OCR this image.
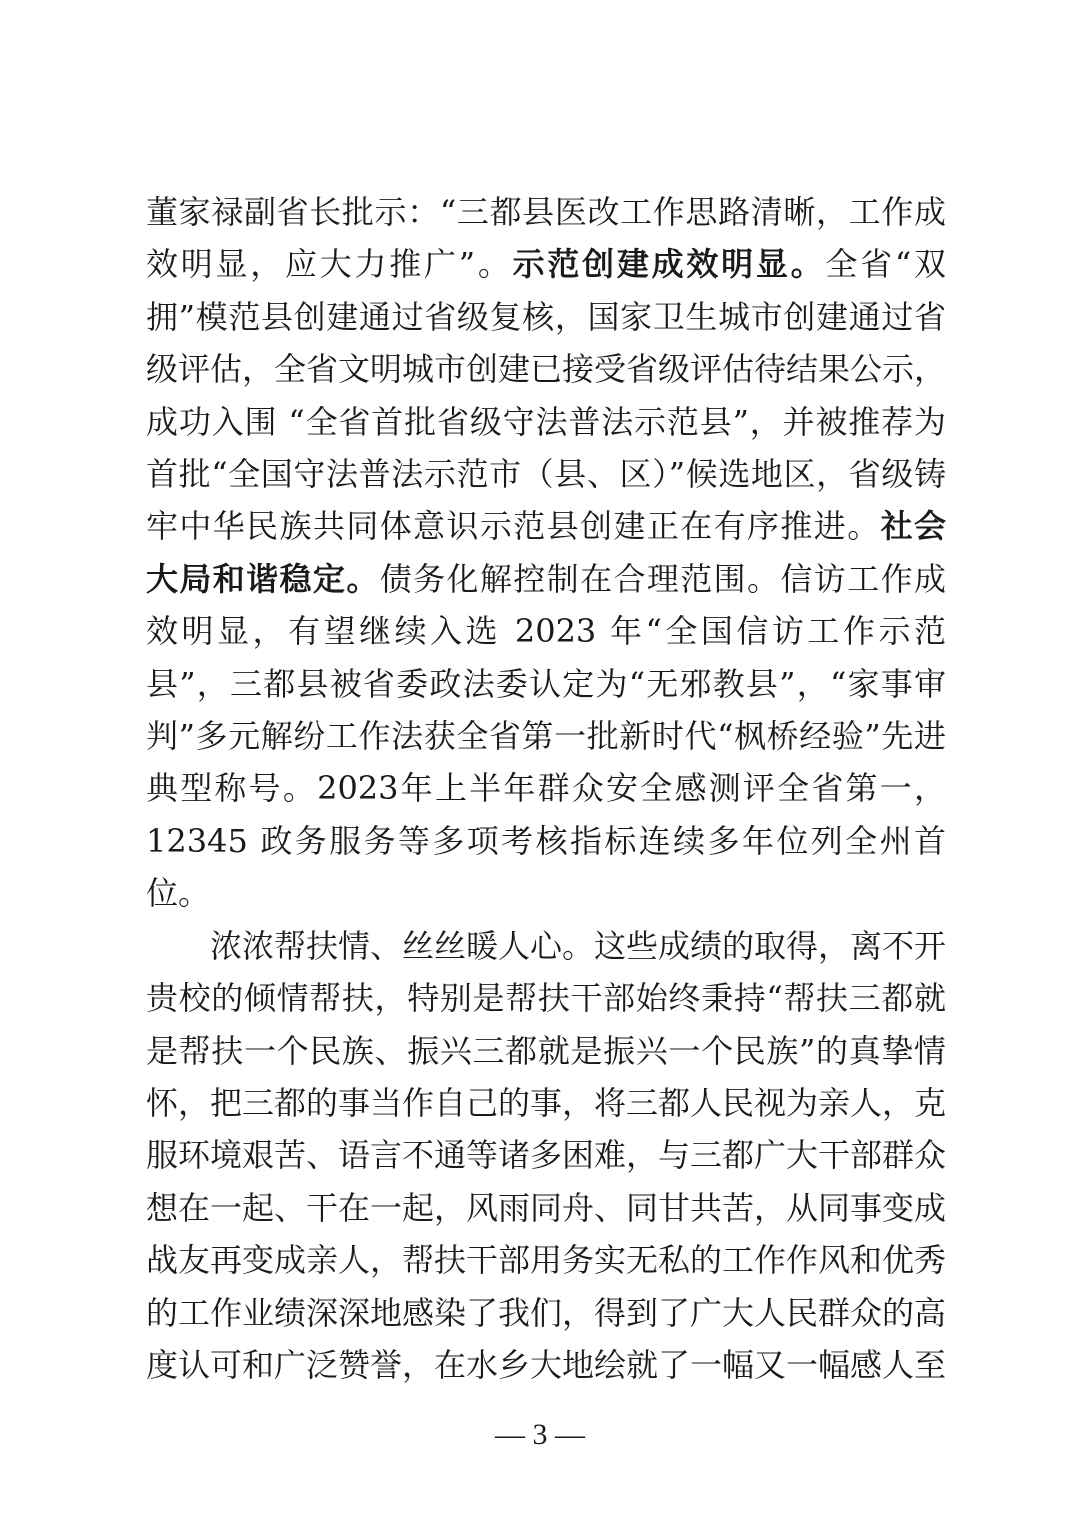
董家禄副省长批示：“三都县医改工作思路清晰，工作成效明显，应大力推广”。示范创建成效明显。全省“双拥”模范县创建通过省级复核，国家卫生城市创建通过省级评估，全省文明城市创建已接受省级评估待结果公示，成功入围 “全省首批省级守法普法示范县”，并被推荐为首批“全国守法普法示范市（县、区）”候选地区，省级铸牢中华民族共同体意识示范县创建正在有序推进。社会大局和谐稳定。债务化解控制在合理范围。信访工作成效明显，有望继续入选 2023 年“全国信访工作示范县”，三都县被省委政法委认定为“无邪教县”，“家事审判”多元解纷工作法获全省第一批新时代“枫桥经验”先进典型称号。2023年上半年群众安全感测评全省第一，12345 政务服务等多项考核指标连续多年位列全州首位。

浓浓帮扶情、丝丝暖人心。这些成绩的取得，离不开贵校的倾情帮扶，特别是帮扶干部始终秉持“帮扶三都就是帮扶一个民族、振兴三都就是振兴一个民族”的真挚情怀，把三都的事当作自己的事，将三都人民视为亲人，克服环境艰苦、语言不通等诸多困难，与三都广大干部群众想在一起、干在一起，风雨同舟、同甘共苦，从同事变成战友再变成亲人，帮扶干部用务实无私的工作作风和优秀的工作业绩深深地感染了我们，得到了广大人民群众的高度认可和广泛赞誉，在水乡大地绘就了一幅又一幅感人至

— 3 —
